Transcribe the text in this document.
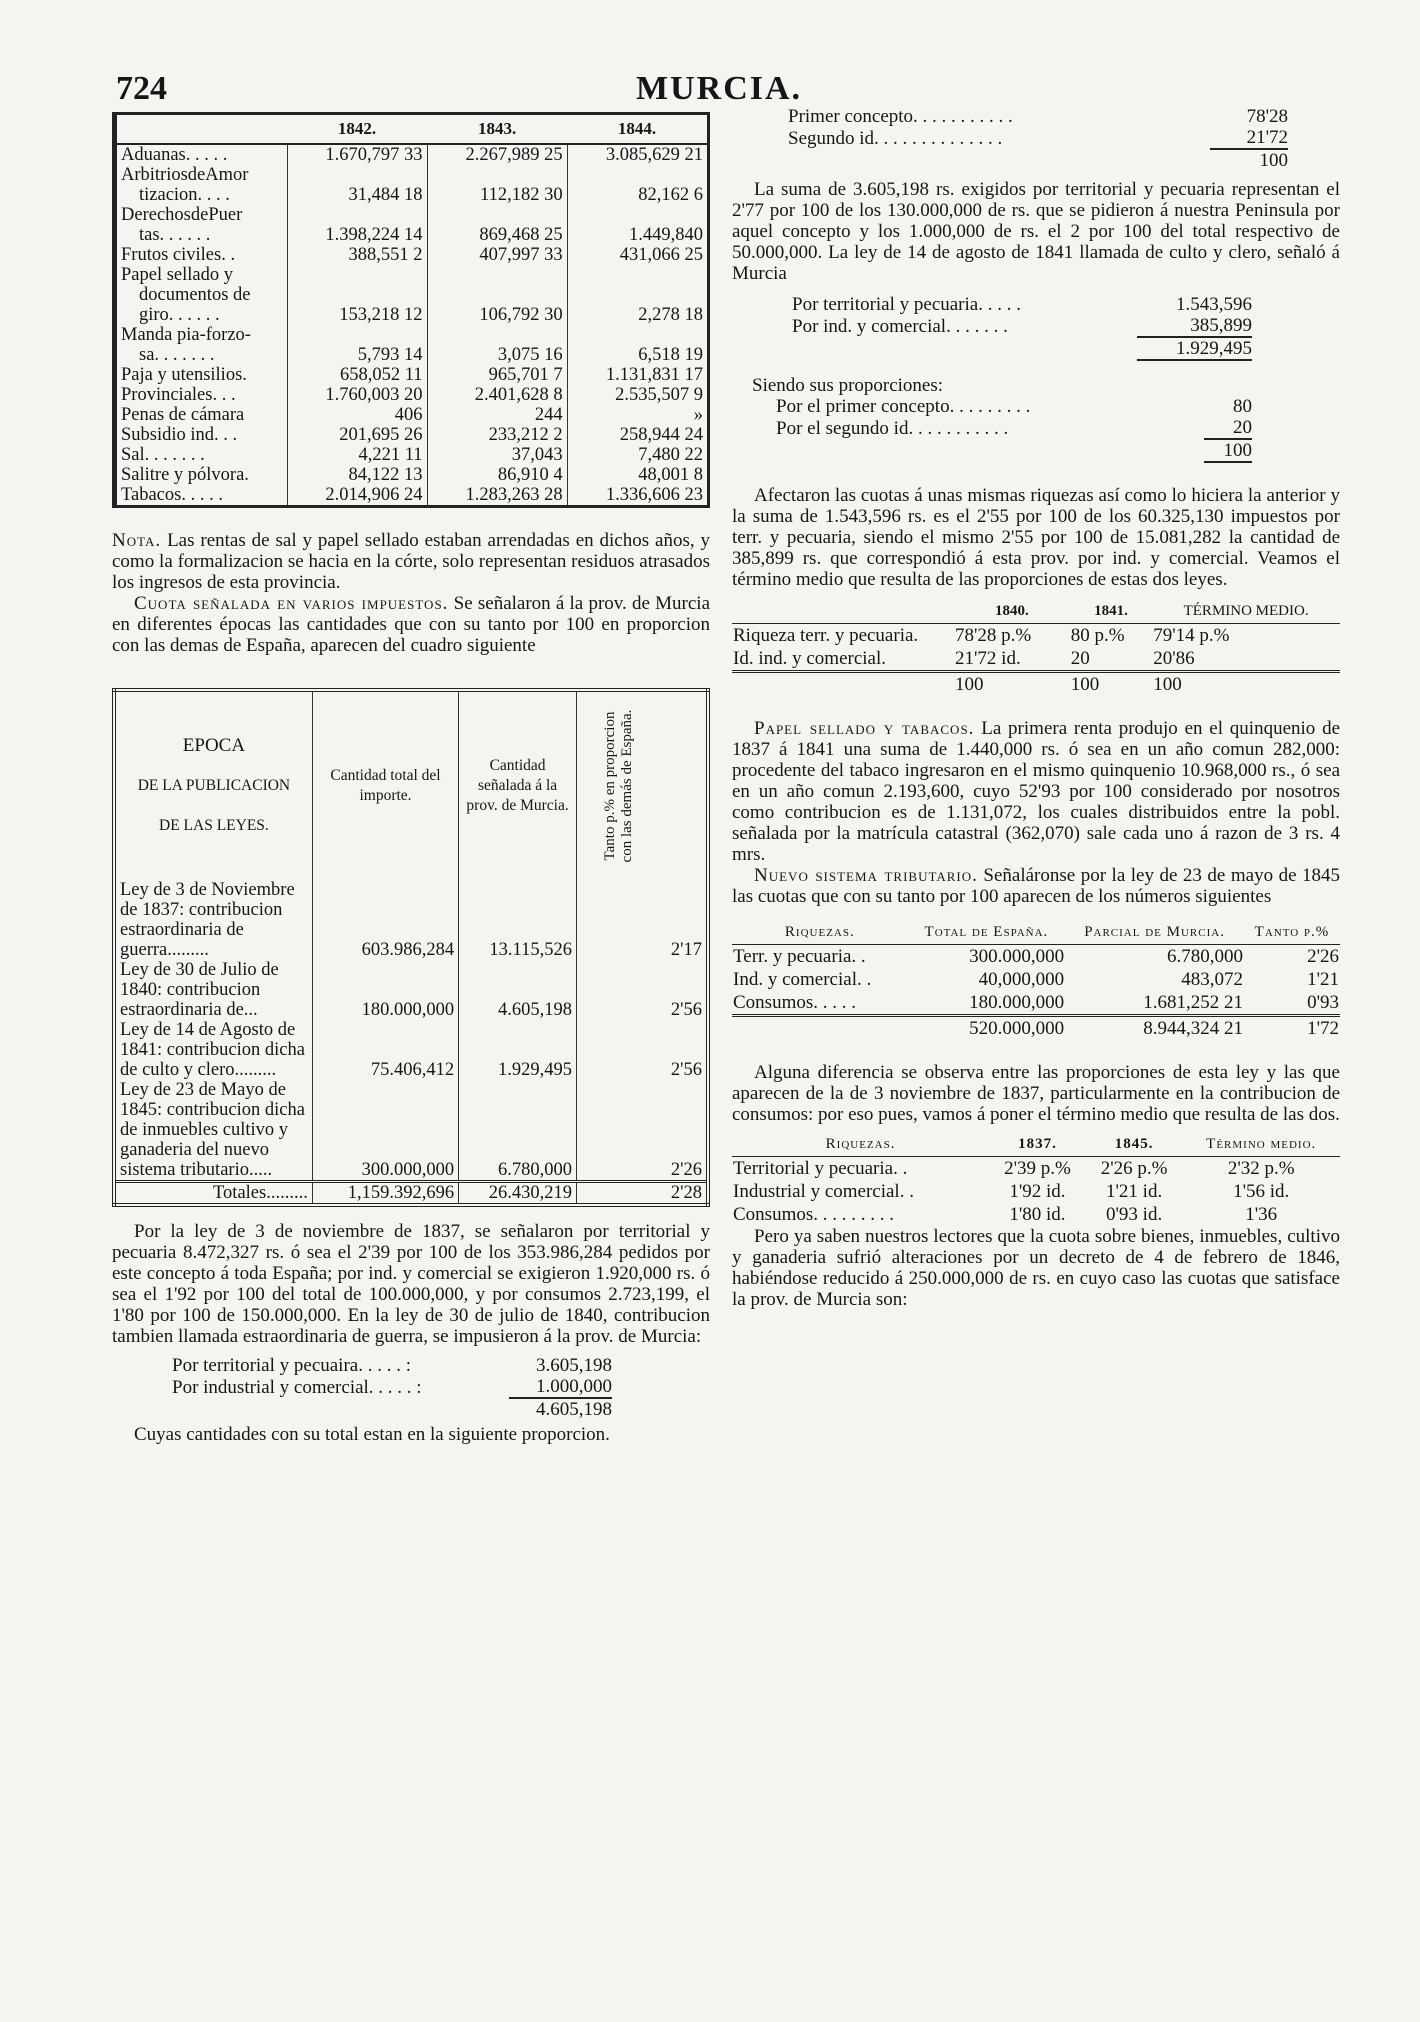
724	MURCIA.
	1842.	1843.	1844.

Aduanas. . . . .	1.670,797 33	2.267,989 25	3.085,629 21

ArbitriosdeAmor
tizacion. . . .	31,484 18	112,182 30	82,162 6

DerechosdePuer
tas. . . . . .	1.398,224 14	869,468 25	1.449,840

Frutos civiles. .	388,551 2	407,997 33	431,066 25

Papel sellado y
documentos de
giro. . . . . .	153,218 12	106,792 30	2,278 18

Manda pia-forzo-
sa. . . . . . .	5,793 14	3,075 16	6,518 19

Paja y utensilios.	658,052 11	965,701 7	1.131,831 17

Provinciales. . .	1.760,003 20	2.401,628 8	2.535,507 9

Penas de cámara	406	244	»

Subsidio ind. . .	201,695 26	233,212 2	258,944 24

Sal. . . . . . .	4,221 11	37,043	7,480 22

Salitre y pólvora.	84,122 13	86,910 4	48,001 8

Tabacos. . . . .	2.014,906 24	1.283,263 28	1.336,606 23

Nota. Las rentas de sal y papel sellado estaban arrendadas en dichos años, y como la formalizacion se hacia en la córte, solo representan residuos atrasados los ingresos de esta provincia.

Cuota señalada en varios impuestos. Se señalaron á la prov. de Murcia en diferentes épocas las cantidades que con su tanto por 100 en proporcion con las demas de España, aparecen del cuadro siguiente

EPOCA
DE LA PUBLICACION
DE LAS LEYES.	Cantidad total del importe.	Cantidad señalada á la prov. de Murcia.	Tanto p.% en proporcion con las demás de España.

Ley de 3 de Noviembre de 1837: contribucion estraordinaria de guerra.........	603.986,284	13.115,526	2'17
Ley de 30 de Julio de 1840: contribucion estraordinaria de...	180.000,000	4.605,198	2'56
Ley de 14 de Agosto de 1841: contribucion dicha de culto y clero.........	75.406,412	1.929,495	2'56
Ley de 23 de Mayo de 1845: contribucion dicha de inmuebles cultivo y ganaderia del nuevo sistema tributario.....	300.000,000	6.780,000	2'26
Totales.........	1,159.392,696	26.430,219	2'28

Por la ley de 3 de noviembre de 1837, se señalaron por territorial y pecuaria 8.472,327 rs. ó sea el 2'39 por 100 de los 353.986,284 pedidos por este concepto á toda España; por ind. y comercial se exigieron 1.920,000 rs. ó sea el 1'92 por 100 del total de 100.000,000, y por consumos 2.723,199, el 1'80 por 100 de 150.000,000. En la ley de 30 de julio de 1840, contribucion tambien llamada estraordinaria de guerra, se impusieron á la prov. de Murcia:

Por territorial y pecuaira. . . . . :	3.605,198
Por industrial y comercial. . . . . :	1.000,000
	4.605,198

Cuyas cantidades con su total estan en la siguiente proporcion.

Primer concepto. . . . . . . . . . .	78'28
Segundo id. . . . . . . . . . . . . .	21'72
	100

La suma de 3.605,198 rs. exigidos por territorial y pecuaria representan el 2'77 por 100 de los 130.000,000 de rs. que se pidieron á nuestra Peninsula por aquel concepto y los 1.000,000 de rs. el 2 por 100 del total respectivo de 50.000,000. La ley de 14 de agosto de 1841 llamada de culto y clero, señaló á Murcia

Por territorial y pecuaria. . . . .	1.543,596
Por ind. y comercial. . . . . . .	385,899
	1.929,495

Siendo sus proporciones:

Por el primer concepto. . . . . . . . .	80
Por el segundo id. . . . . . . . . . .	20
	100

Afectaron las cuotas á unas mismas riquezas así como lo hiciera la anterior y la suma de 1.543,596 rs. es el 2'55 por 100 de los 60.325,130 impuestos por terr. y pecuaria, siendo el mismo 2'55 por 100 de 15.081,282 la cantidad de 385,899 rs. que correspondió á esta prov. por ind. y comercial. Veamos el término medio que resulta de las proporciones de estas dos leyes.

	1840.	1841.	TÉRMINO MEDIO.
Riqueza terr. y pecuaria.	78'28 p.%	80 p.%	79'14 p.%
Id. ind. y comercial.	21'72 id.	20	20'86
	100	100	100

Papel sellado y tabacos. La primera renta produjo en el quinquenio de 1837 á 1841 una suma de 1.440,000 rs. ó sea en un año comun 282,000: procedente del tabaco ingresaron en el mismo quinquenio 10.968,000 rs., ó sea en un año comun 2.193,600, cuyo 52'93 por 100 considerado por nosotros como contribucion es de 1.131,072, los cuales distribuidos entre la pobl. señalada por la matrícula catastral (362,070) sale cada uno á razon de 3 rs. 4 mrs.

Nuevo sistema tributario. Señaláronse por la ley de 23 de mayo de 1845 las cuotas que con su tanto por 100 aparecen de los números siguientes

Riquezas.	Total de España.	Parcial de Murcia.	Tanto p.%
Terr. y pecuaria. .	300.000,000	6.780,000	2'26
Ind. y comercial. .	40,000,000	483,072	1'21
Consumos. . . . .	180.000,000	1.681,252 21	0'93
	520.000,000	8.944,324 21	1'72

Alguna diferencia se observa entre las proporciones de esta ley y las que aparecen de la de 3 noviembre de 1837, particularmente en la contribucion de consumos: por eso pues, vamos á poner el término medio que resulta de las dos.

Riquezas.	1837.	1845.	Término medio.
Territorial y pecuaria. .	2'39 p.%	2'26 p.%	2'32 p.%
Industrial y comercial. .	1'92 id.	1'21 id.	1'56 id.
Consumos. . . . . . . . .	1'80 id.	0'93 id.	1'36

Pero ya saben nuestros lectores que la cuota sobre bienes, inmuebles, cultivo y ganaderia sufrió alteraciones por un decreto de 4 de febrero de 1846, habiéndose reducido á 250.000,000 de rs. en cuyo caso las cuotas que satisface la prov. de Murcia son:
